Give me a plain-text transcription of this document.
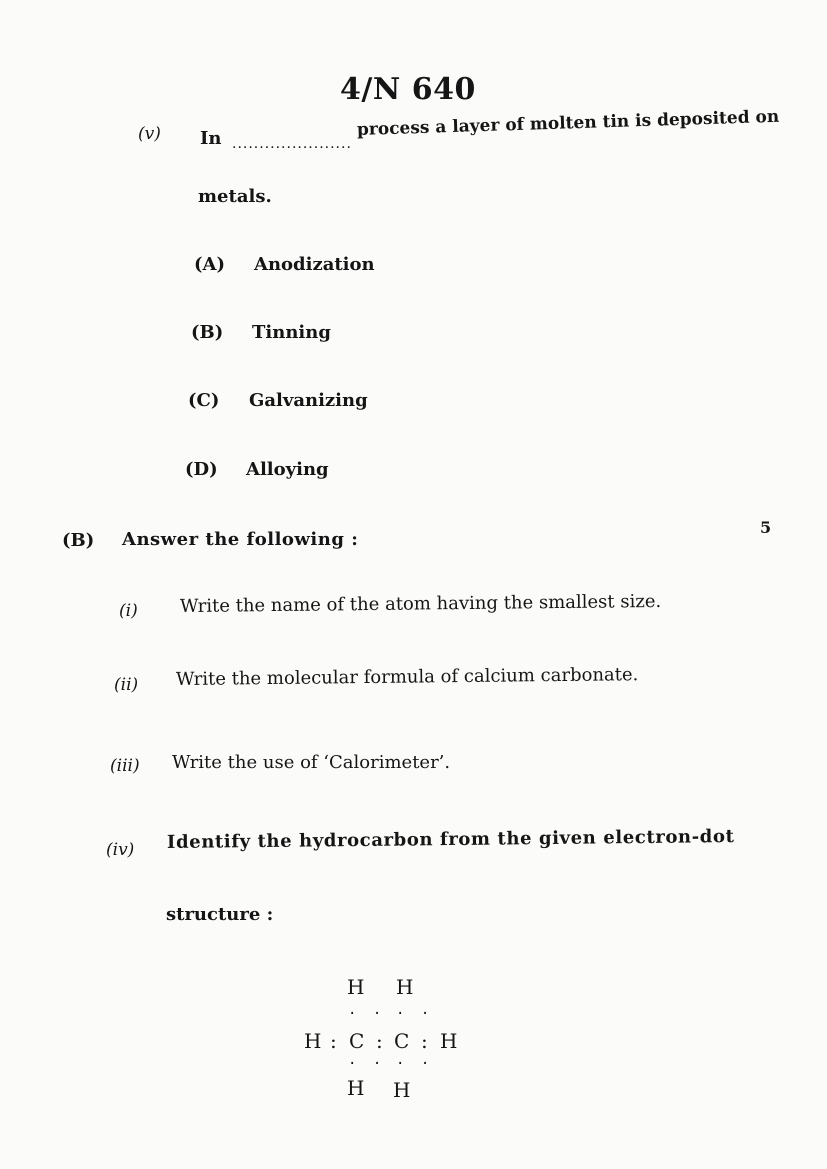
4/N 640
(v) In ......................
process a layer of molten tin is deposited on
metals.
(A) Anodization
(B) Tinning
(C) Galvanizing
(D) Alloying
(B) Answer the following :
5
(i) Write the name of the atom having the smallest size.
(ii) Write the molecular formula of calcium carbonate.
(iii) Write the use of ‘Calorimeter’.
(iv) Identify the hydrocarbon from the given electron-dot
structure :
H H
. . . .
H : C : C : H
. . . .
H H
